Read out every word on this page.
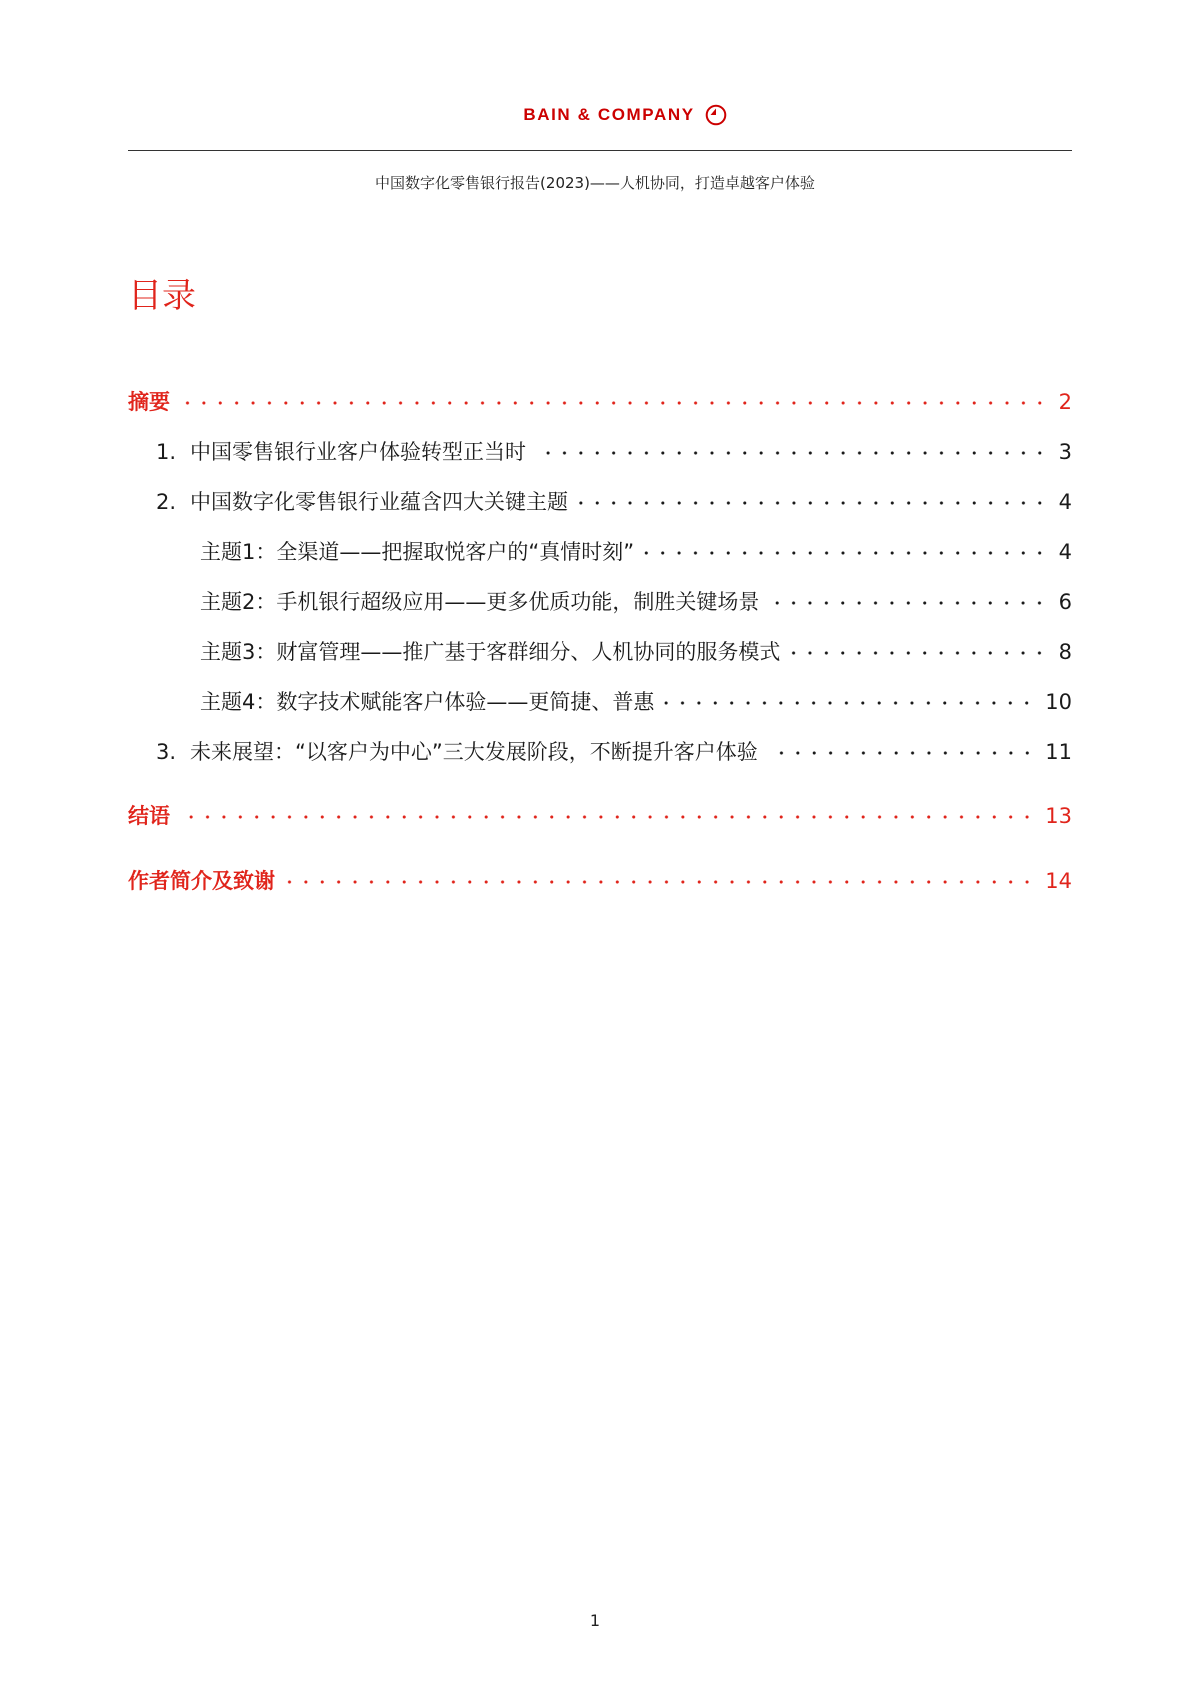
BAIN & COMPANY
中国数字化零售银行报告(2023)——人机协同，打造卓越客户体验
目录
摘要	2
1. 中国零售银行业客户体验转型正当时	3
2. 中国数字化零售银行业蕴含四大关键主题	4
主题1：全渠道——把握取悦客户的“真情时刻”	4
主题2：手机银行超级应用——更多优质功能，制胜关键场景	6
主题3：财富管理——推广基于客群细分、人机协同的服务模式	8
主题4：数字技术赋能客户体验——更简捷、普惠	10
3. 未来展望：“以客户为中心”三大发展阶段，不断提升客户体验	11
结语	13
作者简介及致谢	14
1
